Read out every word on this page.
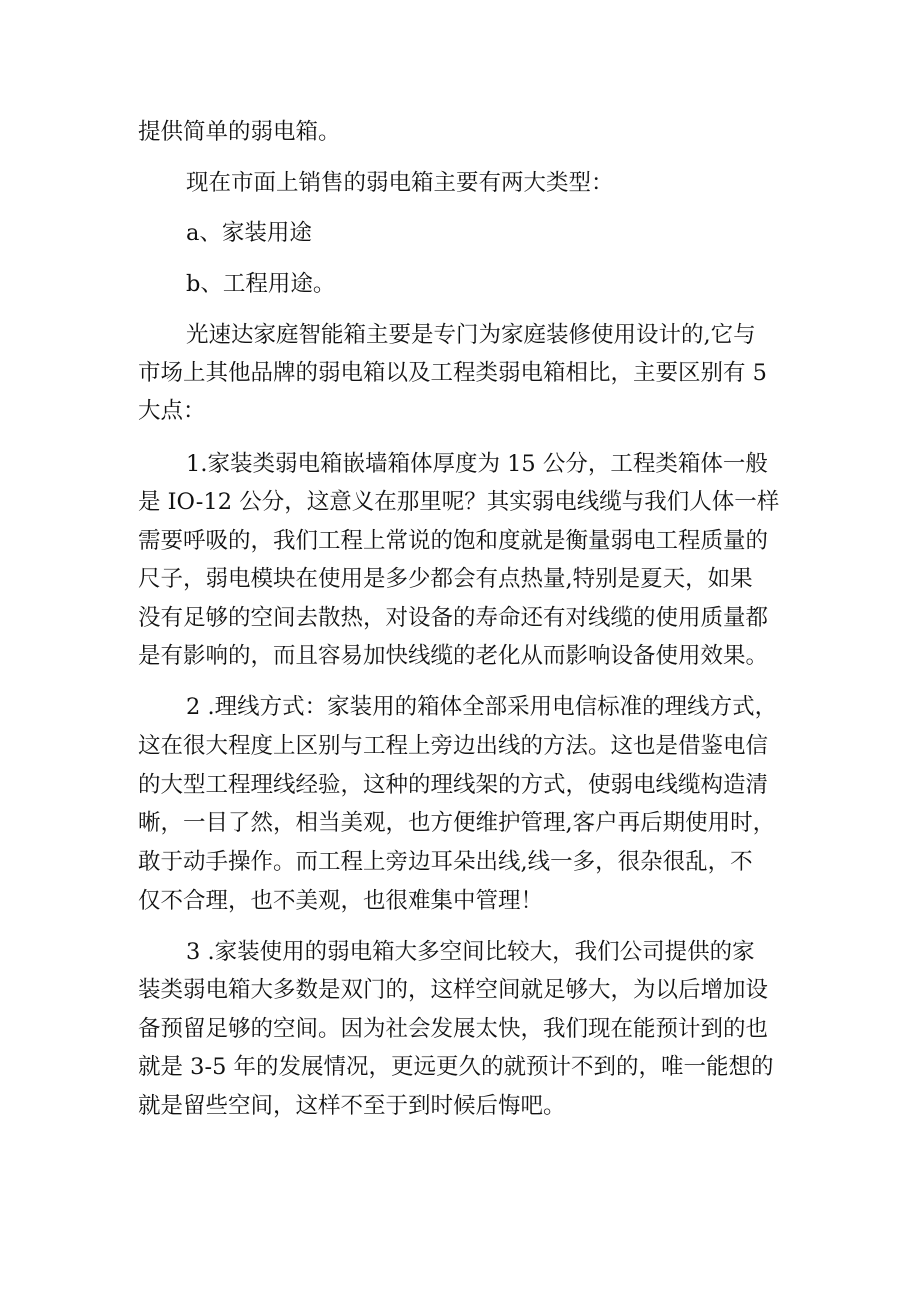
提供简单的弱电箱。
现在市面上销售的弱电箱主要有两大类型：
a、家装用途
b、工程用途。
光速达家庭智能箱主要是专门为家庭装修使用设计的,它与
市场上其他品牌的弱电箱以及工程类弱电箱相比，主要区别有 5
大点：
1.家装类弱电箱嵌墙箱体厚度为 15 公分，工程类箱体一般
是 IO-12 公分，这意义在那里呢？其实弱电线缆与我们人体一样
需要呼吸的，我们工程上常说的饱和度就是衡量弱电工程质量的
尺子，弱电模块在使用是多少都会有点热量,特别是夏天，如果
没有足够的空间去散热，对设备的寿命还有对线缆的使用质量都
是有影响的，而且容易加快线缆的老化从而影响设备使用效果。
2 .理线方式：家装用的箱体全部采用电信标准的理线方式，
这在很大程度上区别与工程上旁边出线的方法。这也是借鉴电信
的大型工程理线经验，这种的理线架的方式，使弱电线缆构造清
晰，一目了然，相当美观，也方便维护管理,客户再后期使用时，
敢于动手操作。而工程上旁边耳朵出线,线一多，很杂很乱，不
仅不合理，也不美观，也很难集中管理！
3 .家装使用的弱电箱大多空间比较大，我们公司提供的家
装类弱电箱大多数是双门的，这样空间就足够大，为以后增加设
备预留足够的空间。因为社会发展太快，我们现在能预计到的也
就是 3-5 年的发展情况，更远更久的就预计不到的，唯一能想的
就是留些空间，这样不至于到时候后悔吧。
